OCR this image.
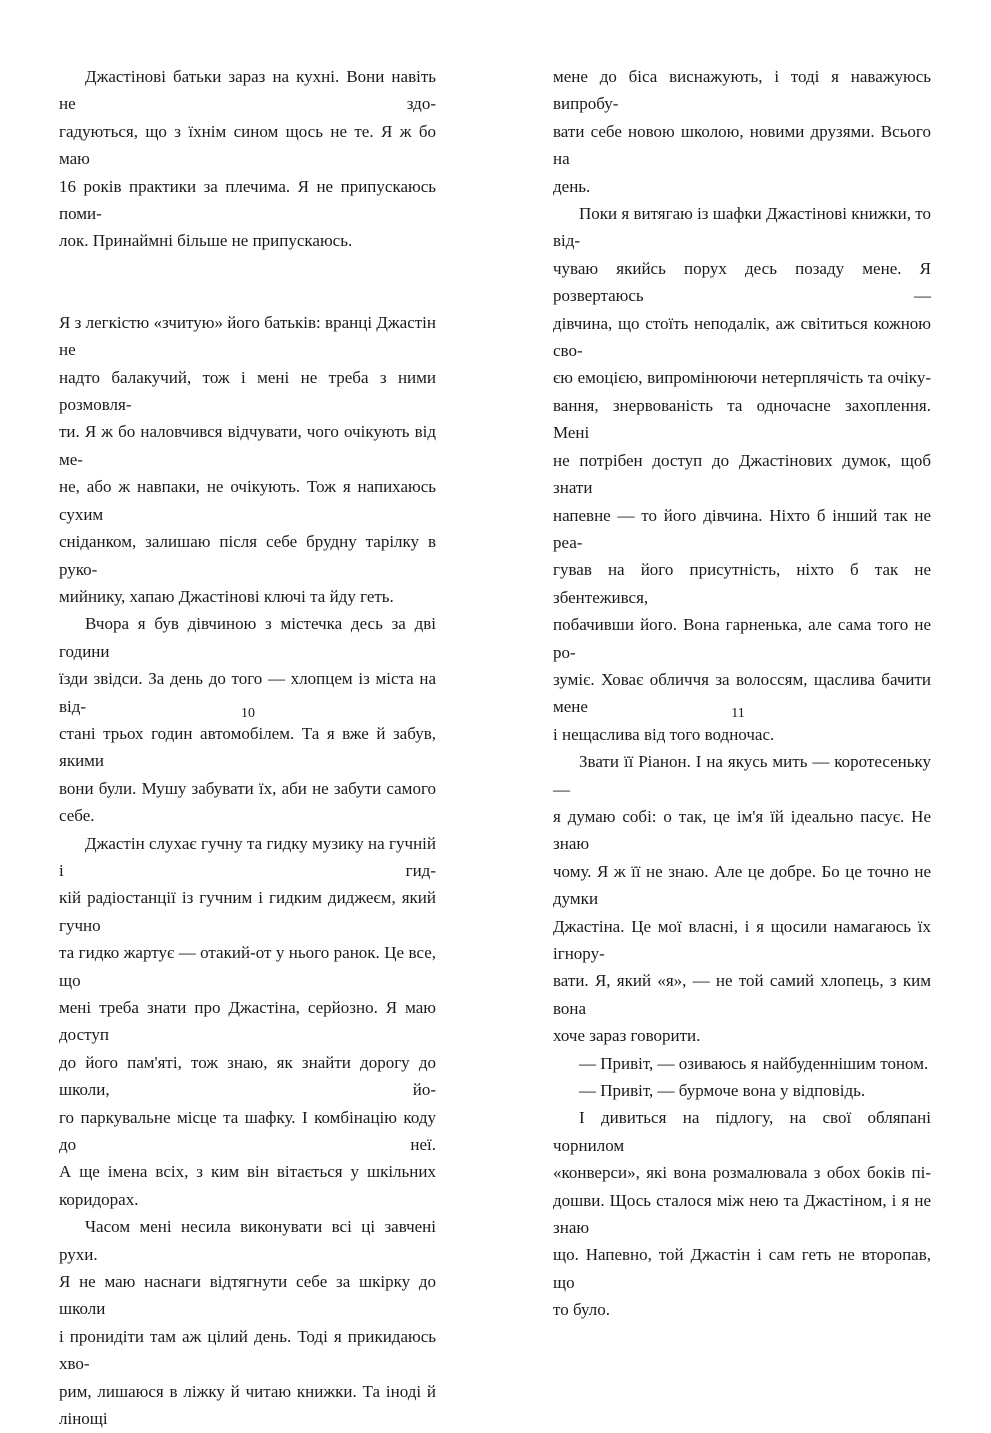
Джастінові батьки зараз на кухні. Вони навіть не здо-
гадуються, що з їхнім сином щось не те. Я ж бо маю
16 років практики за плечима. Я не припускаюсь поми-
лок. Принаймні більше не припускаюсь.
Я з легкістю «зчитую» його батьків: вранці Джастін не
надто балакучий, тож і мені не треба з ними розмовля-
ти. Я ж бо наловчився відчувати, чого очікують від ме-
не, або ж навпаки, не очікують. Тож я напихаюсь сухим
сніданком, залишаю після себе брудну тарілку в руко-
мийнику, хапаю Джастінові ключі та йду геть.
Вчора я був дівчиною з містечка десь за дві години
їзди звідси. За день до того — хлопцем із міста на від-
стані трьох годин автомобілем. Та я вже й забув, якими
вони були. Мушу забувати їх, аби не забути самого себе.
Джастін слухає гучну та гидку музику на гучній і гид-
кій радіостанції із гучним і гидким диджеєм, який гучно
та гидко жартує — отакий-от у нього ранок. Це все, що
мені треба знати про Джастіна, серйозно. Я маю доступ
до його пам'яті, тож знаю, як знайти дорогу до школи, йо-
го паркувальне місце та шафку. І комбінацію коду до неї.
А ще імена всіх, з ким він вітається у шкільних коридорах.
Часом мені несила виконувати всі ці завчені рухи.
Я не маю наснаги відтягнути себе за шкірку до школи
і пронидіти там аж цілий день. Тоді я прикидаюсь хво-
рим, лишаюся в ліжку й читаю книжки. Та іноді й лінощі
10
мене до біса виснажують, і тоді я наважуюсь випробу-
вати себе новою школою, новими друзями. Всього на
день.
Поки я витягаю із шафки Джастінові книжки, то від-
чуваю якийсь порух десь позаду мене. Я розвертаюсь —
дівчина, що стоїть неподалік, аж світиться кожною сво-
єю емоцією, випромінюючи нетерплячість та очіку-
вання, знервованість та одночасне захоплення. Мені
не потрібен доступ до Джастінових думок, щоб знати
напевне — то його дівчина. Ніхто б інший так не реа-
гував на його присутність, ніхто б так не збентежився,
побачивши його. Вона гарненька, але сама того не ро-
зуміє. Ховає обличчя за волоссям, щаслива бачити мене
і нещаслива від того водночас.
Звати її Ріанон. І на якусь мить — коротесеньку —
я думаю собі: о так, це ім'я їй ідеально пасує. Не знаю
чому. Я ж її не знаю. Але це добре. Бо це точно не думки
Джастіна. Це мої власні, і я щосили намагаюсь їх ігнору-
вати. Я, який «я», — не той самий хлопець, з ким вона
хоче зараз говорити.
— Привіт, — озиваюсь я найбуденнішим тоном.
— Привіт, — бурмоче вона у відповідь.
І дивиться на підлогу, на свої обляпані чорнилом
«конверси», які вона розмалювала з обох боків пі-
дошви. Щось сталося між нею та Джастіном, і я не знаю
що. Напевно, той Джастін і сам геть не второпав, що
то було.
11
